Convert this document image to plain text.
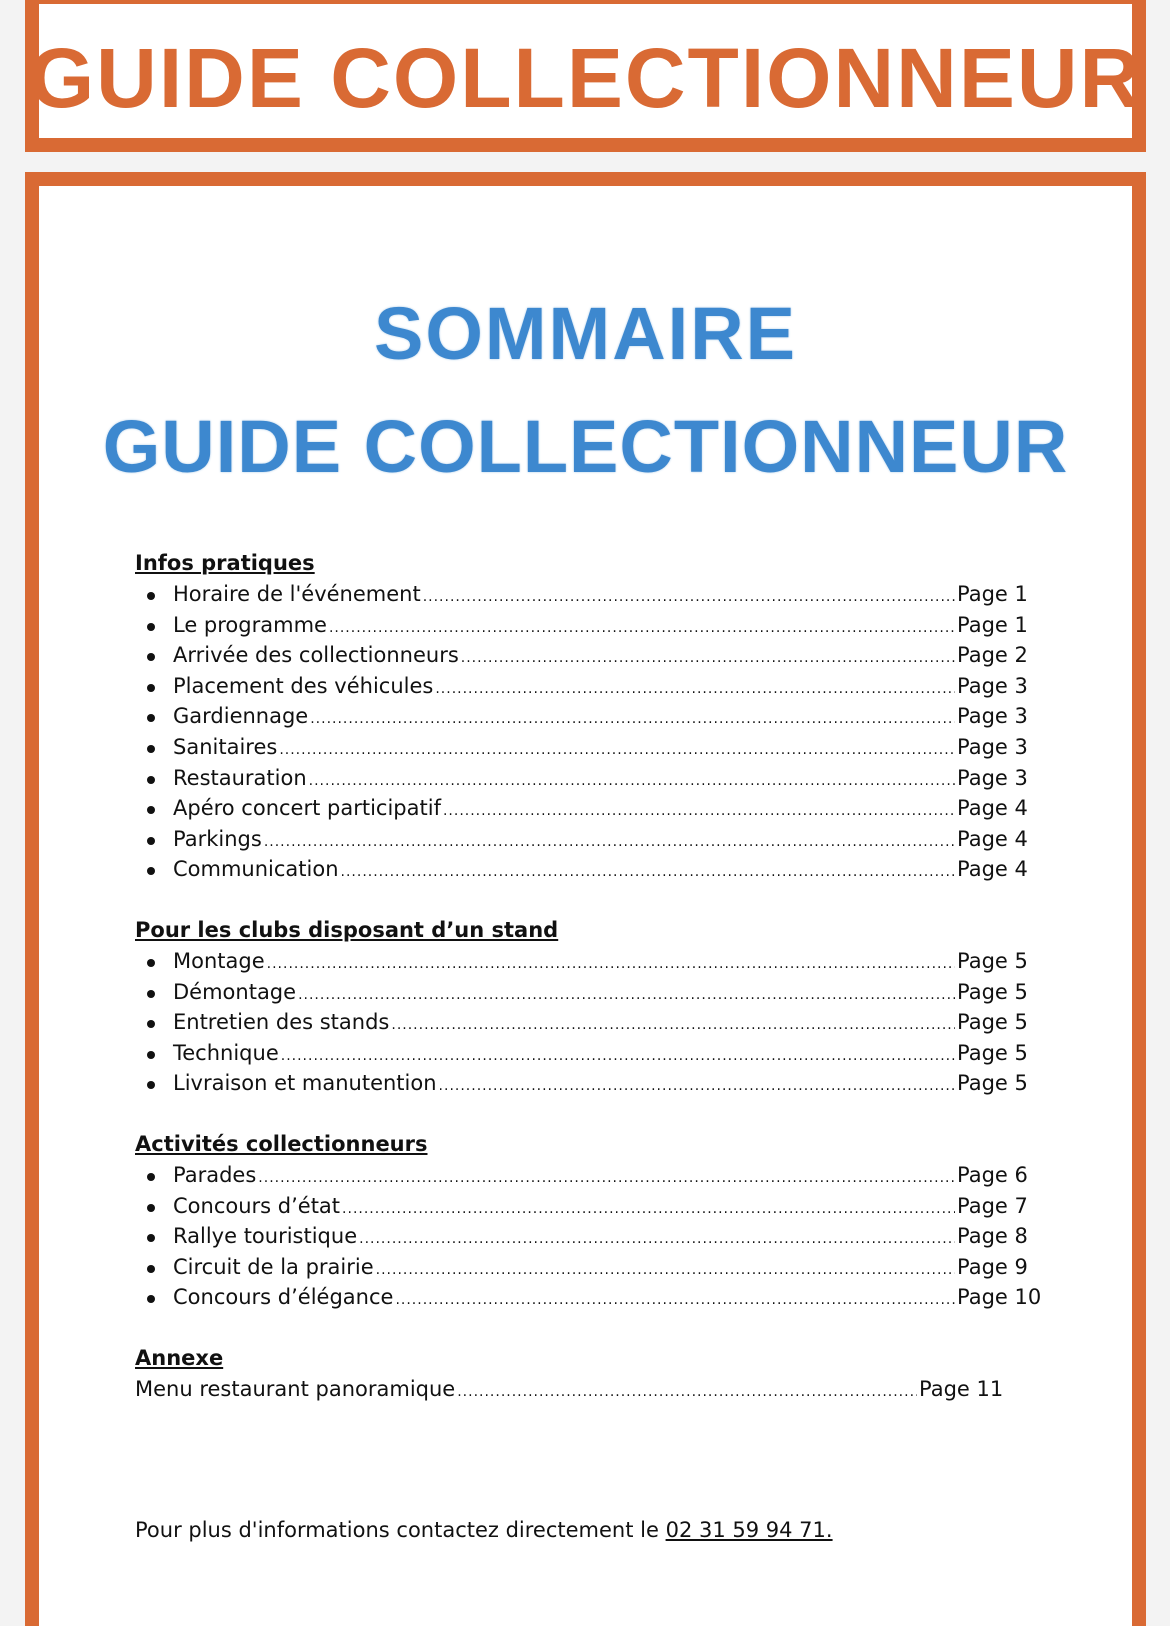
GUIDE COLLECTIONNEUR
SOMMAIRE
GUIDE COLLECTIONNEUR
Infos pratiques
Horaire de l'événement .....	Page 1
Le programme .....	Page 1
Arrivée des collectionneurs .....	Page 2
Placement des véhicules .....	Page 3
Gardiennage .....	Page 3
Sanitaires .....	Page 3
Restauration .....	Page 3
Apéro concert participatif .....	Page 4
Parkings .....	Page 4
Communication .....	Page 4
Pour les clubs disposant d’un stand
Montage .....	Page 5
Démontage .....	Page 5
Entretien des stands .....	Page 5
Technique .....	Page 5
Livraison et manutention .....	Page 5
Activités collectionneurs
Parades .....	Page 6
Concours d’état .....	Page 7
Rallye touristique .....	Page 8
Circuit de la prairie .....	Page 9
Concours d’élégance .....	Page 10
Annexe
Menu restaurant panoramique .....	Page 11
Pour plus d'informations contactez directement le 02 31 59 94 71.
